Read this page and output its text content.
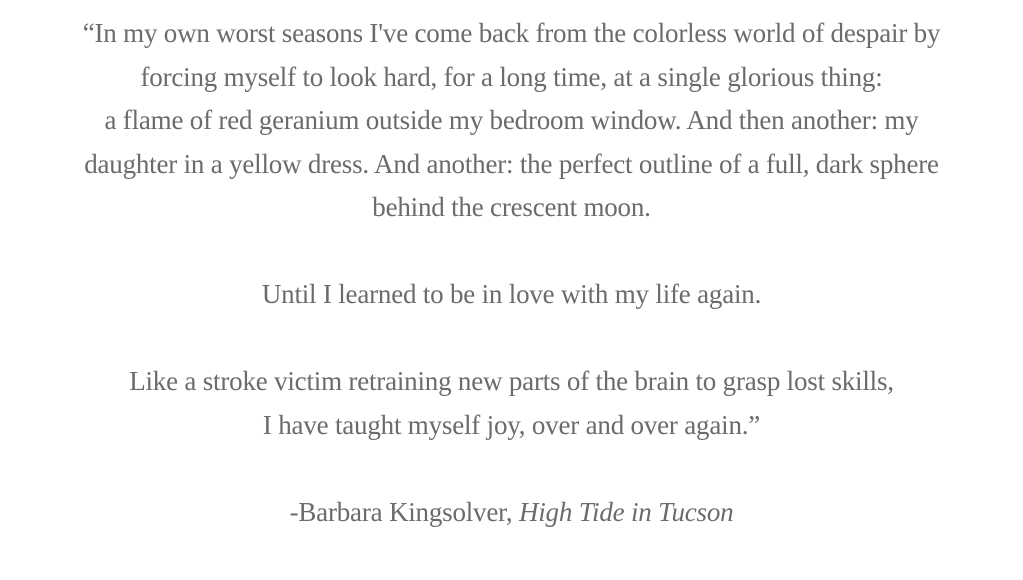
“In my own worst seasons I've come back from the colorless world of despair by
forcing myself to look hard, for a long time, at a single glorious thing:
a flame of red geranium outside my bedroom window. And then another: my
daughter in a yellow dress. And another: the perfect outline of a full, dark sphere
behind the crescent moon.
Until I learned to be in love with my life again.
Like a stroke victim retraining new parts of the brain to grasp lost skills,
I have taught myself joy, over and over again.”
-Barbara Kingsolver, High Tide in Tucson
